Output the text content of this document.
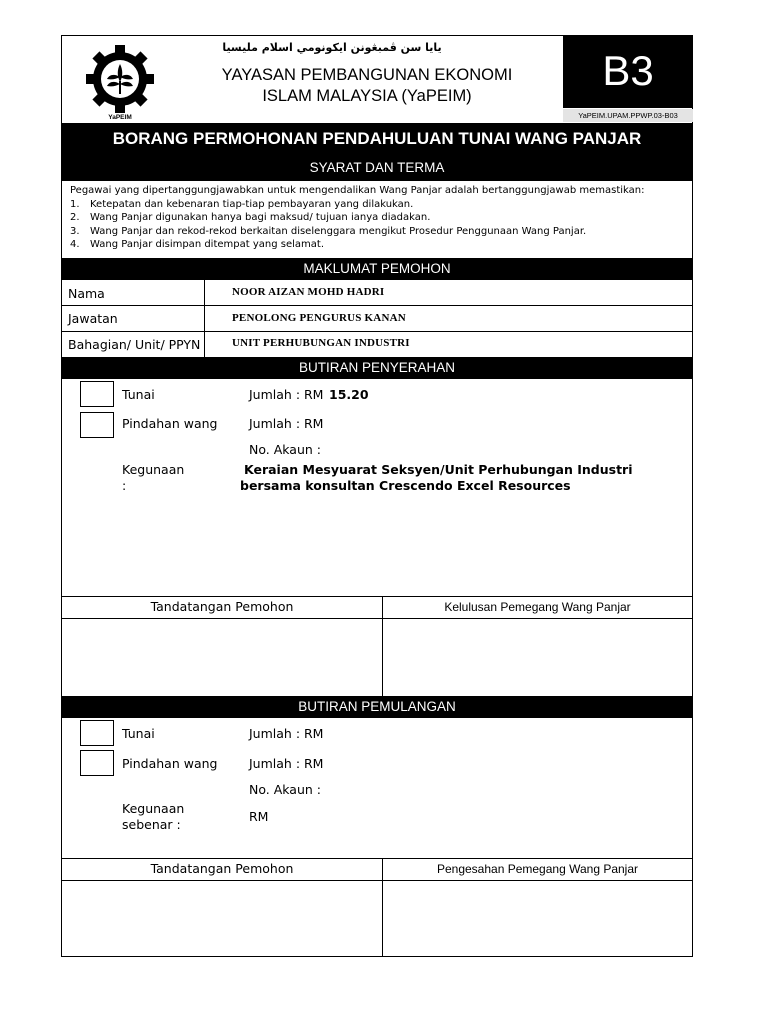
YaPEIM
يايا سن ڤمبڠونن ايكونومي اسلام مليسيا
YAYASAN PEMBANGUNAN EKONOMI
ISLAM MALAYSIA (YaPEIM)
B3
YaPEIM.UPAM.PPWP.03-B03
BORANG PERMOHONAN PENDAHULUAN TUNAI WANG PANJAR
SYARAT DAN TERMA
Pegawai yang dipertanggungjawabkan untuk mengendalikan Wang Panjar adalah bertanggungjawab memastikan:
1. Ketepatan dan kebenaran tiap-tiap pembayaran yang dilakukan.
2. Wang Panjar digunakan hanya bagi maksud/ tujuan ianya diadakan.
3. Wang Panjar dan rekod-rekod berkaitan diselenggara mengikut Prosedur Penggunaan Wang Panjar.
4. Wang Panjar disimpan ditempat yang selamat.
MAKLUMAT PEMOHON
Nama	NOOR AIZAN MOHD HADRI
Jawatan	PENOLONG PENGURUS KANAN
Bahagian/ Unit/ PPYN	UNIT PERHUBUNGAN INDUSTRI
BUTIRAN PENYERAHAN
Tunai	Jumlah : RM 15.20
Pindahan wang	Jumlah : RM
No. Akaun :
Kegunaan
:
Keraian Mesyuarat Seksyen/Unit Perhubungan Industri
bersama konsultan Crescendo Excel Resources
Tandatangan Pemohon	Kelulusan Pemegang Wang Panjar
BUTIRAN PEMULANGAN
Tunai	Jumlah : RM
Pindahan wang	Jumlah : RM
No. Akaun :
Kegunaan
sebenar :
RM
Tandatangan Pemohon	Pengesahan Pemegang Wang Panjar
